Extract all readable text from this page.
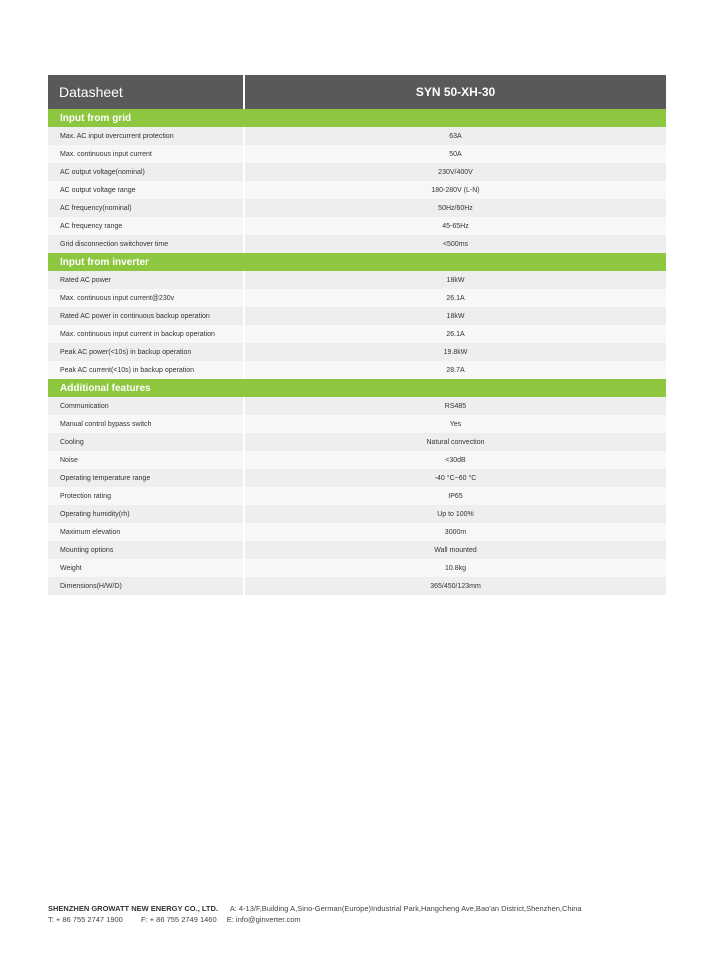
Datasheet	SYN 50-XH-30
Input from grid
Max. AC input overcurrent protection	63A
Max. continuous input current	50A
AC output voltage(nominal)	230V/400V
AC output voltage range	180-280V (L-N)
AC frequency(nominal)	50Hz/60Hz
AC frequency range	45-65Hz
Grid disconnection switchover time	<500ms
Input from inverter
Rated AC power	18kW
Max. continuous input current@230v	26.1A
Rated AC power in continuous backup operation	18kW
Max. continuous input current in backup operation	26.1A
Peak AC power(<10s) in backup operation	19.8kW
Peak AC current(<10s) in backup operation	28.7A
Additional features
Communication	RS485
Manual control bypass switch	Yes
Cooling	Natural convection
Noise	<30dB
Operating temperature range	-40 °C~60 °C
Protection rating	IP65
Operating humidity(rh)	Up to 100%
Maximum elevation	3000m
Mounting options	Wall mounted
Weight	10.8kg
Dimensions(H/W/D)	365/450/123mm
SHENZHEN GROWATT NEW ENERGY CO., LTD. A: 4-13/F,Building A,Sino-German(Europe)Industrial Park,Hangcheng Ave,Bao'an District,Shenzhen,China
T: + 86 755 2747 1900 F: + 86 755 2749 1460 E: info@ginverter.com
